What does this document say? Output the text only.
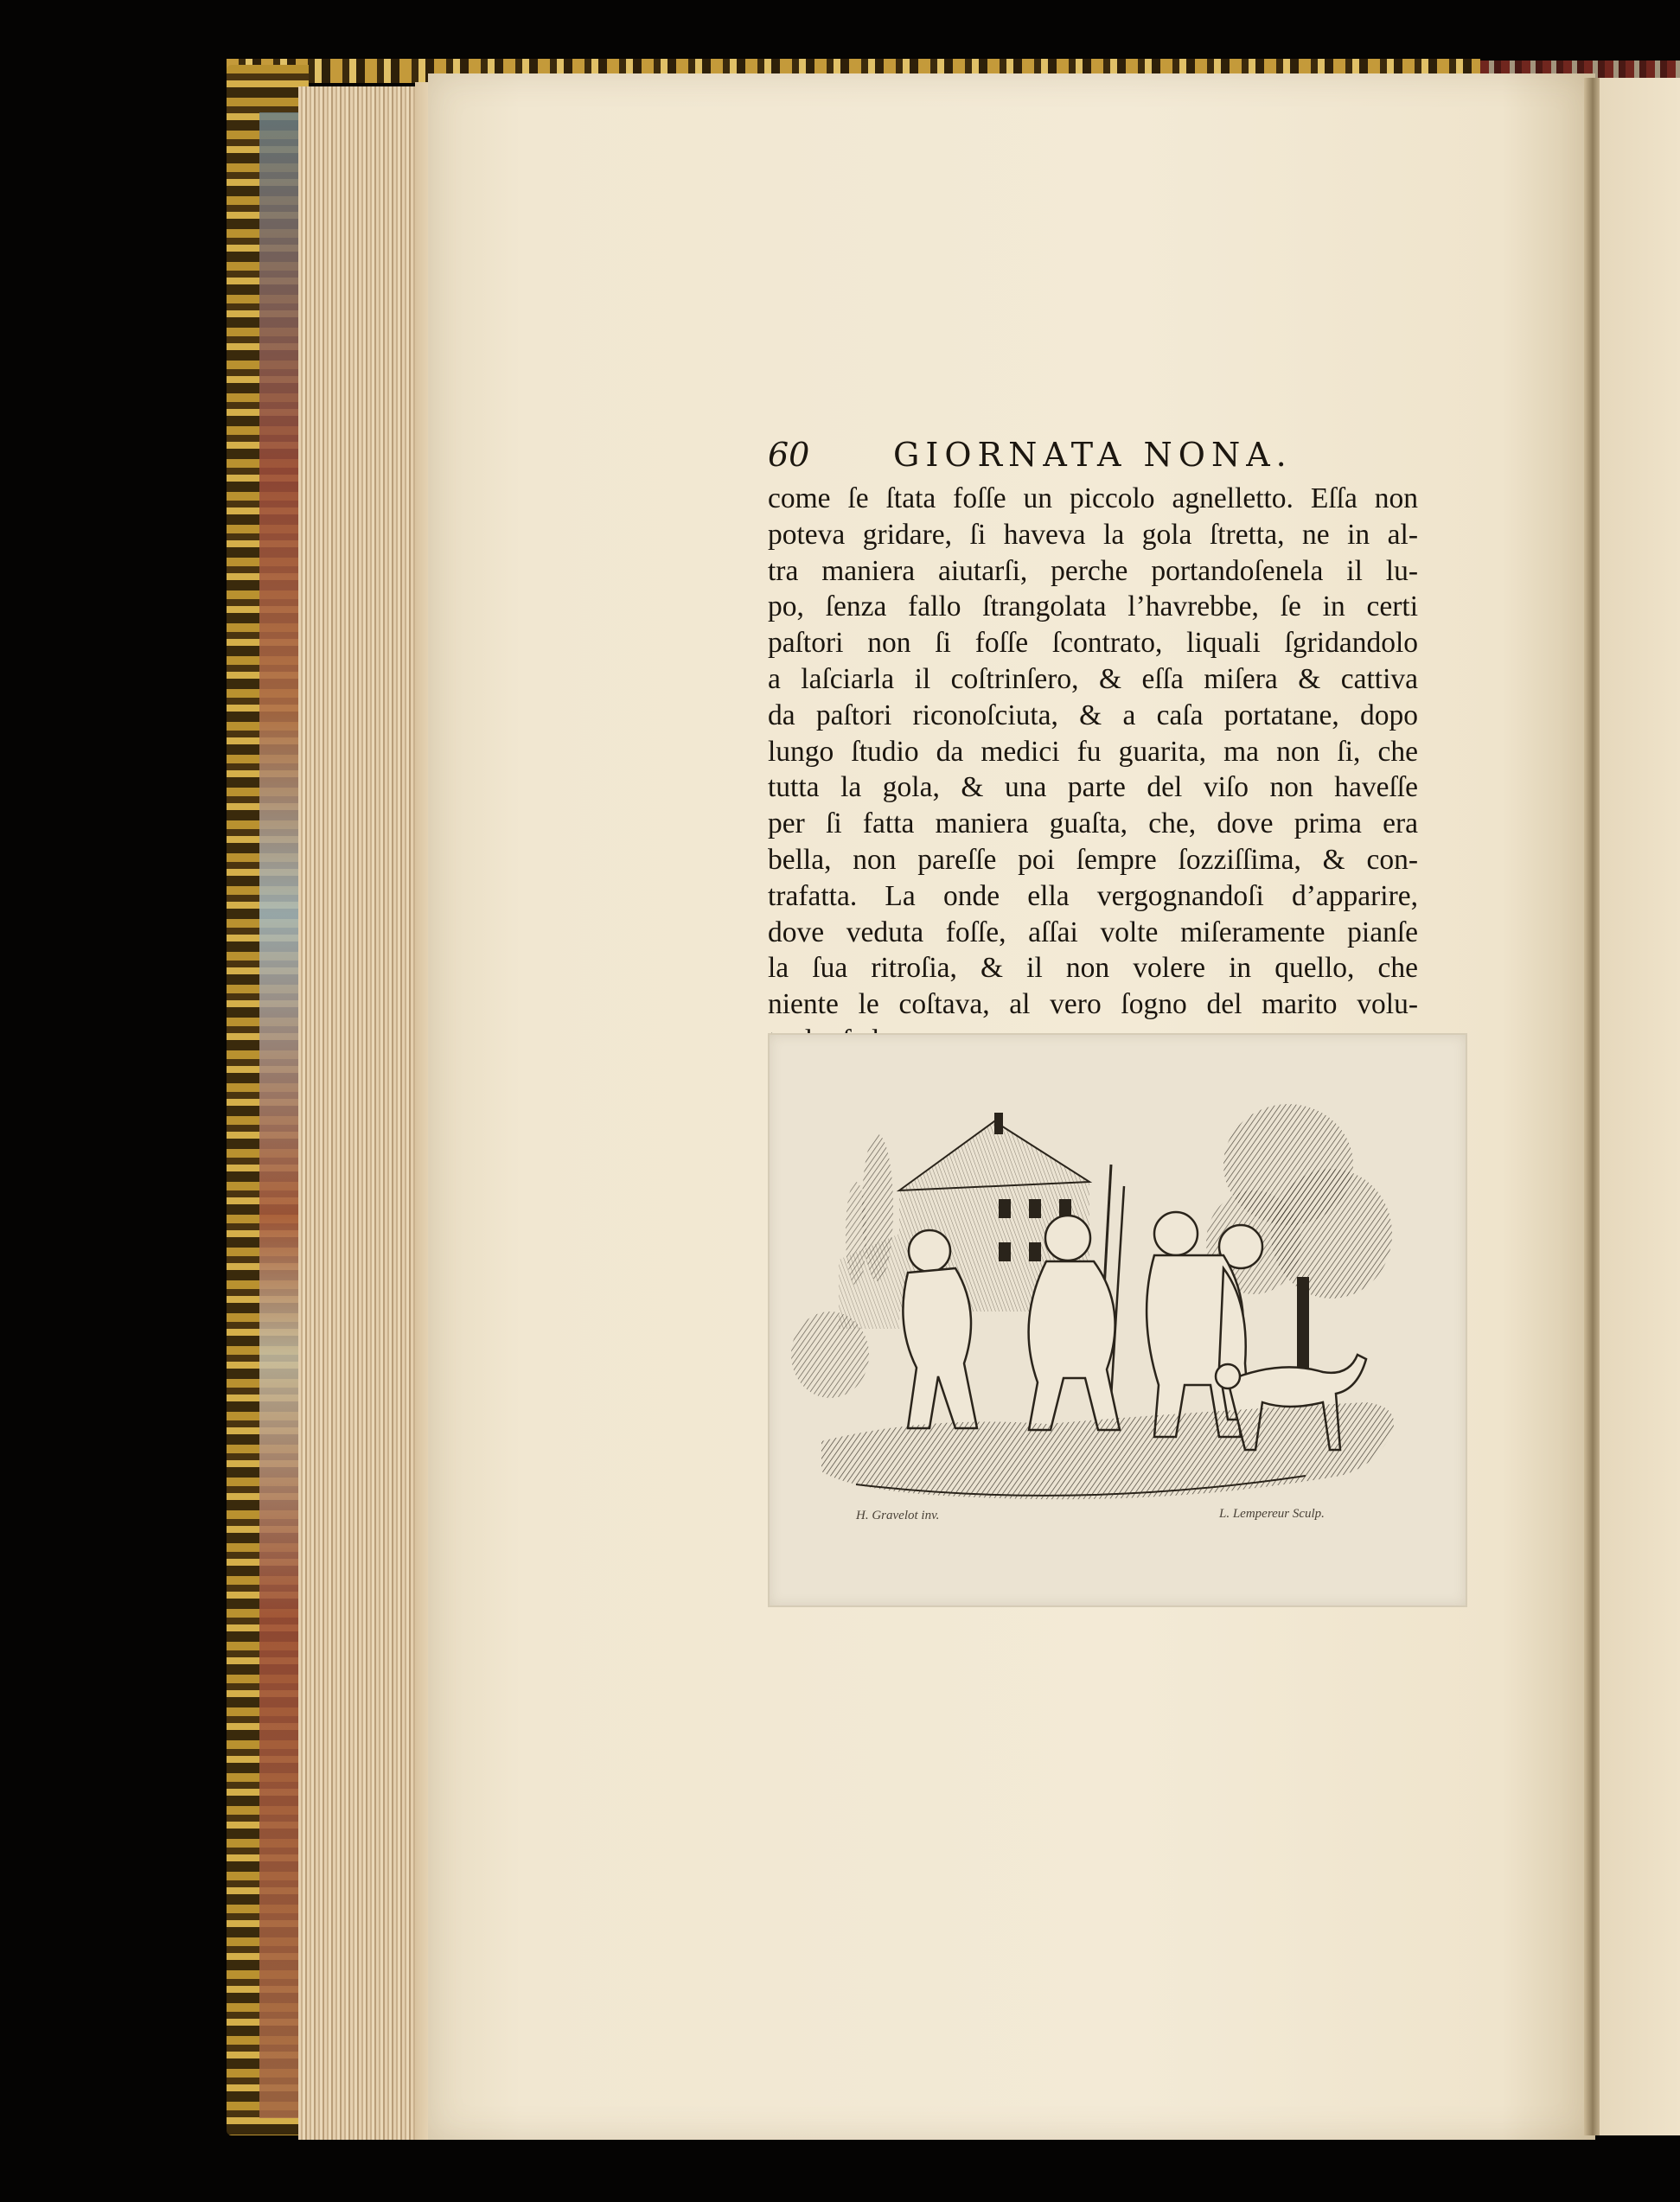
60	GIORNATA NONA.
come ſe ſtata foſſe un piccolo agnelletto. Eſſa non
poteva gridare, ſi haveva la gola ſtretta, ne in al-
tra maniera aiutarſi, perche portandoſenela il lu-
po, ſenza fallo ſtrangolata l’havrebbe, ſe in certi
paſtori non ſi foſſe ſcontrato, liquali ſgridandolo
a laſciarla il coſtrinſero, & eſſa miſera & cattiva
da paſtori riconoſciuta, & a caſa portatane, dopo
lungo ſtudio da medici fu guarita, ma non ſi, che
tutta la gola, & una parte del viſo non haveſſe
per ſi fatta maniera guaſta, che, dove prima era
bella, non pareſſe poi ſempre ſozziſſima, & con-
trafatta. La onde ella vergognandoſi d’apparire,
dove veduta foſſe, aſſai volte miſeramente pianſe
la ſua ritroſia, & il non volere in quello, che
niente le coſtava, al vero ſogno del marito volu-
H. Gravelot inv.	L. Lempereur Sculp.
